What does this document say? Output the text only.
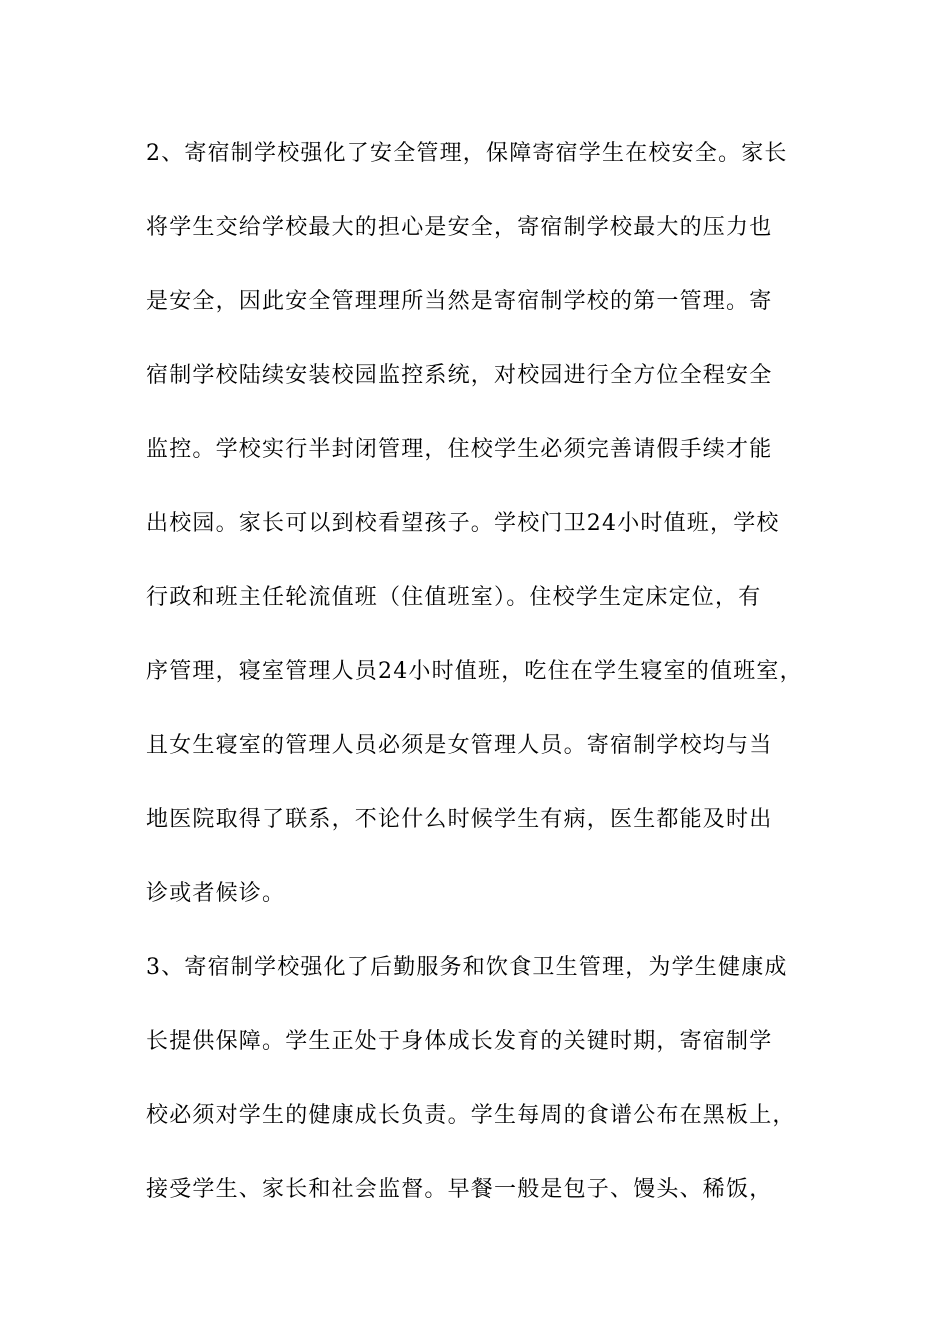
2、寄宿制学校强化了安全管理，保障寄宿学生在校安全。家长
将学生交给学校最大的担心是安全，寄宿制学校最大的压力也
是安全，因此安全管理理所当然是寄宿制学校的第一管理。寄
宿制学校陆续安装校园监控系统，对校园进行全方位全程安全
监控。学校实行半封闭管理，住校学生必须完善请假手续才能
出校园。家长可以到校看望孩子。学校门卫24小时值班，学校
行政和班主任轮流值班（住值班室）。住校学生定床定位，有
序管理，寝室管理人员24小时值班，吃住在学生寝室的值班室，
且女生寝室的管理人员必须是女管理人员。寄宿制学校均与当
地医院取得了联系，不论什么时候学生有病，医生都能及时出
诊或者候诊。
3、寄宿制学校强化了后勤服务和饮食卫生管理，为学生健康成
长提供保障。学生正处于身体成长发育的关键时期，寄宿制学
校必须对学生的健康成长负责。学生每周的食谱公布在黑板上，
接受学生、家长和社会监督。早餐一般是包子、馒头、稀饭，
